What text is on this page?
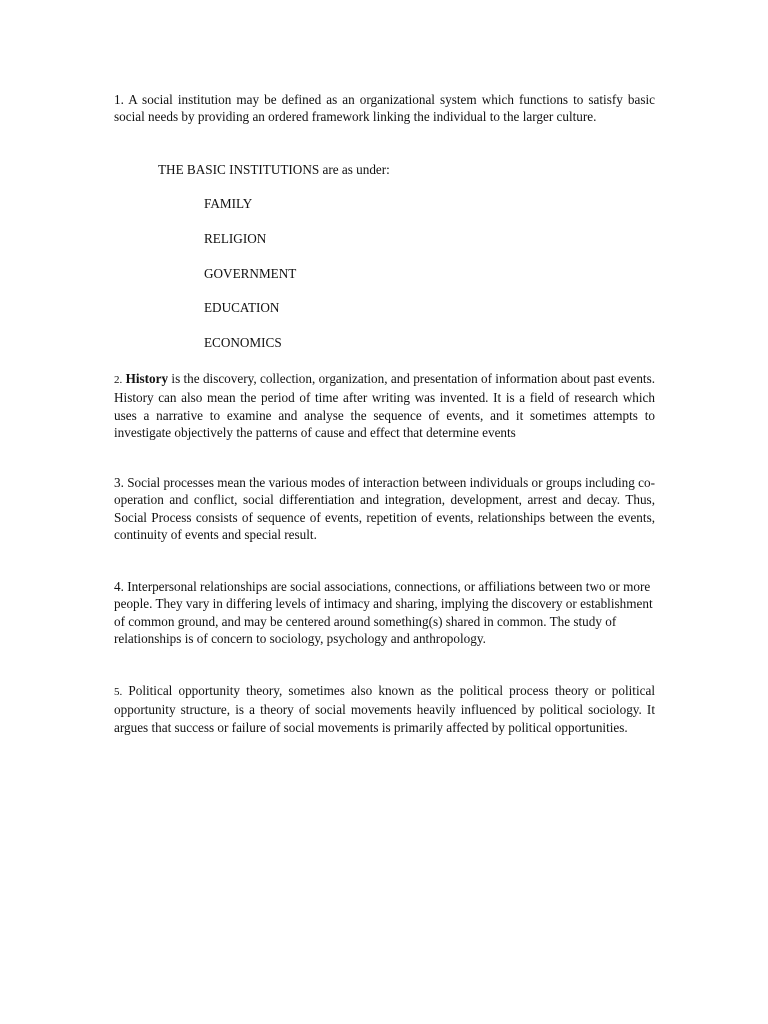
1. A social institution may be defined as an organizational system which functions to satisfy basic social needs by providing an ordered framework linking the individual to the larger culture.

THE BASIC INSTITUTIONS are as under:

FAMILY
RELIGION
GOVERNMENT
EDUCATION
ECONOMICS

2. History is the discovery, collection, organization, and presentation of information about past events. History can also mean the period of time after writing was invented. It is a field of research which uses a narrative to examine and analyse the sequence of events, and it sometimes attempts to investigate objectively the patterns of cause and effect that determine events

3. Social processes mean the various modes of interaction between individuals or groups including co-operation and conflict, social differentiation and integration, development, arrest and decay. Thus, Social Process consists of sequence of events, repetition of events, relationships between the events, continuity of events and special result.

4. Interpersonal relationships are social associations, connections, or affiliations between two or more people. They vary in differing levels of intimacy and sharing, implying the discovery or establishment of common ground, and may be centered around something(s) shared in common. The study of relationships is of concern to sociology, psychology and anthropology.

5. Political opportunity theory, sometimes also known as the political process theory or political opportunity structure, is a theory of social movements heavily influenced by political sociology. It argues that success or failure of social movements is primarily affected by political opportunities.
